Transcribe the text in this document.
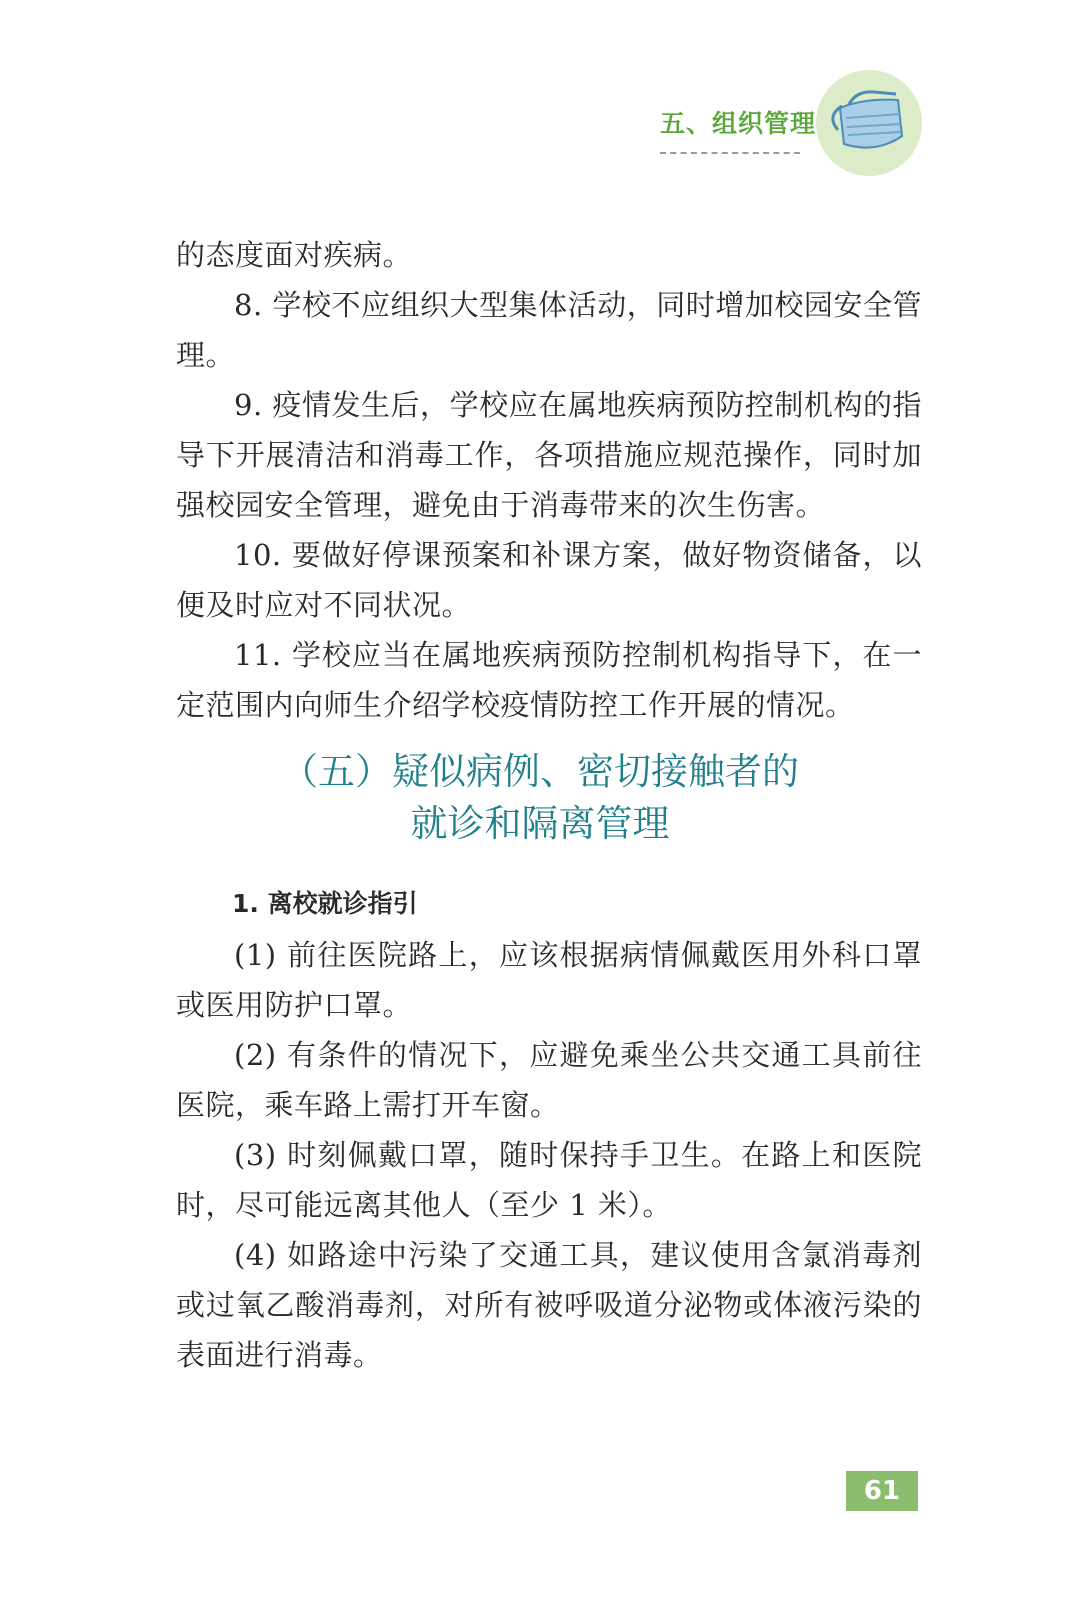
五、组织管理

的态度面对疾病。

8. 学校不应组织大型集体活动，同时增加校园安全管理。

9. 疫情发生后，学校应在属地疾病预防控制机构的指导下开展清洁和消毒工作，各项措施应规范操作，同时加强校园安全管理，避免由于消毒带来的次生伤害。

10. 要做好停课预案和补课方案，做好物资储备，以便及时应对不同状况。

11. 学校应当在属地疾病预防控制机构指导下，在一定范围内向师生介绍学校疫情防控工作开展的情况。

（五）疑似病例、密切接触者的
就诊和隔离管理
1. 离校就诊指引

(1) 前往医院路上，应该根据病情佩戴医用外科口罩或医用防护口罩。

(2) 有条件的情况下，应避免乘坐公共交通工具前往医院，乘车路上需打开车窗。

(3) 时刻佩戴口罩，随时保持手卫生。在路上和医院时，尽可能远离其他人（至少 1 米）。

(4) 如路途中污染了交通工具，建议使用含氯消毒剂或过氧乙酸消毒剂，对所有被呼吸道分泌物或体液污染的表面进行消毒。

61
